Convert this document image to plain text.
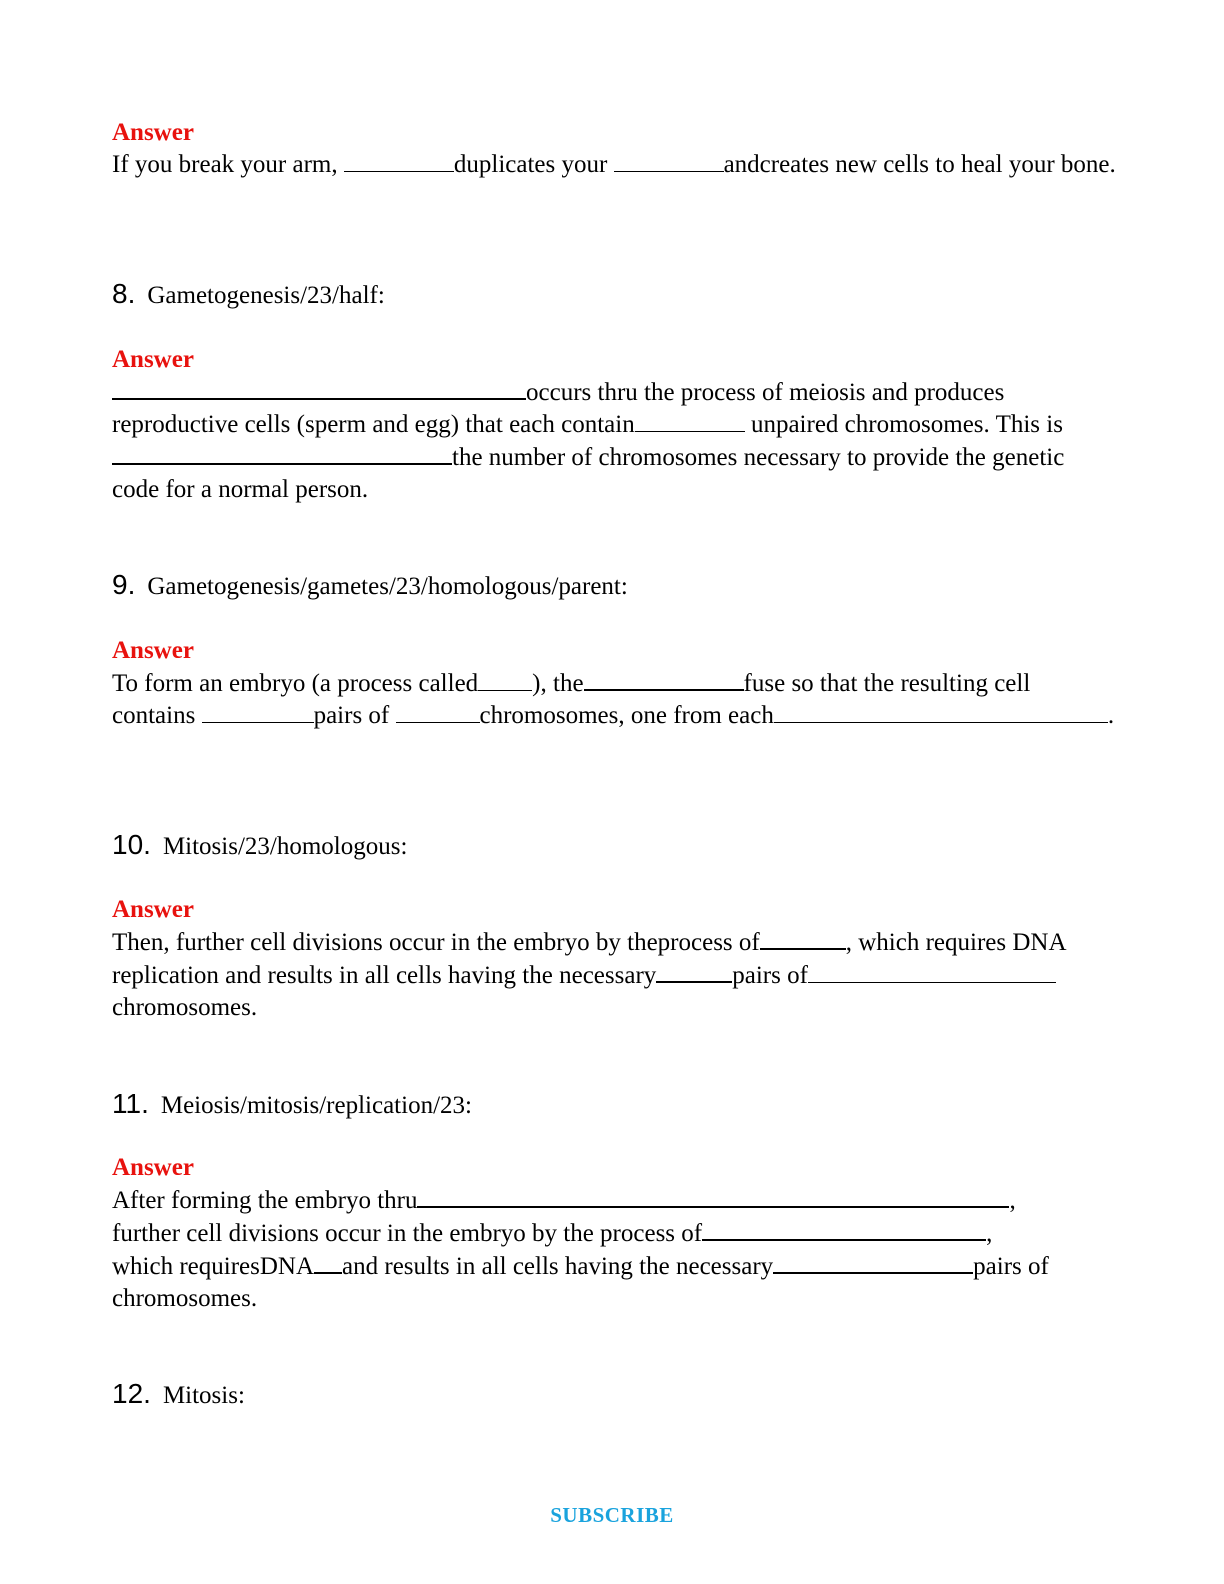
Answer
If you break your arm,	duplicates your	andcreates new cells to heal your bone.
8. Gametogenesis/23/half:
Answer
occurs thru the process of meiosis and produces reproductive cells (sperm and egg) that each contain	unpaired chromosomes. This isthe number of chromosomes necessary to provide the genetic code for a normal person.
9. Gametogenesis/gametes/23/homologous/parent:
Answer
To form an embryo (a process called ), the	fuse so that the resulting cell contains	pairs of	chromosomes, one from each	.
10. Mitosis/23/homologous:
Answer
Then, further cell divisions occur in the embryo by theprocess of	, which requires DNA replication and results in all cells having the necessary	pairs ofchromosomes.
11. Meiosis/mitosis/replication/23:
Answer
After forming the embryo thru	,
further cell divisions occur in the embryo by the process of	,
which requiresDNA and results in all cells having the necessary	pairs of chromosomes.
12. Mitosis:
SUBSCRIBE
